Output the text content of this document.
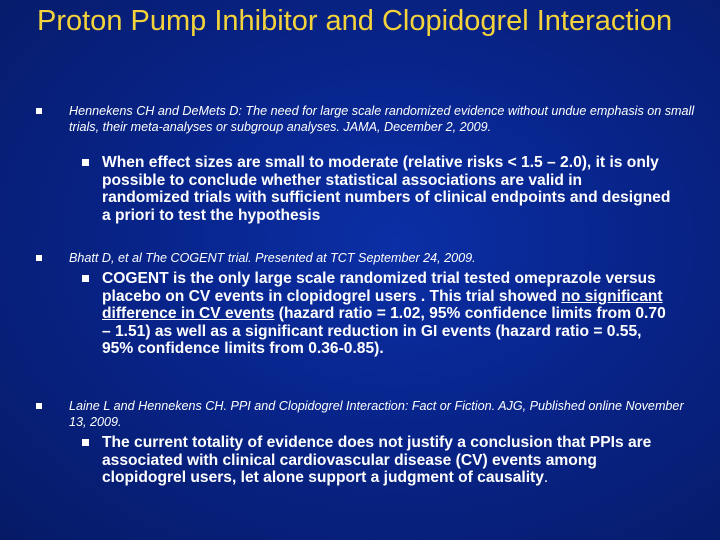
Proton Pump Inhibitor and Clopidogrel Interaction
Hennekens CH and DeMets D: The need for large scale randomized evidence without undue emphasis on small trials, their meta-analyses or subgroup analyses. JAMA, December 2, 2009.
When effect sizes are small to moderate (relative risks < 1.5 – 2.0), it is only possible to conclude whether statistical associations are valid in randomized trials with sufficient numbers of clinical endpoints and designed a priori to test the hypothesis
Bhatt D, et al The COGENT trial. Presented at TCT September 24, 2009.
COGENT is the only large scale randomized trial tested omeprazole versus placebo on CV events in clopidogrel users . This trial showed no significant difference in CV events (hazard ratio = 1.02, 95% confidence limits from 0.70 – 1.51) as well as a significant reduction in GI events (hazard ratio = 0.55, 95% confidence limits from 0.36-0.85).
Laine L and Hennekens CH. PPI and Clopidogrel Interaction: Fact or Fiction. AJG, Published online November 13, 2009.
The current totality of evidence does not justify a conclusion that PPIs are associated with clinical cardiovascular disease (CV) events among clopidogrel users, let alone support a judgment of causality.
